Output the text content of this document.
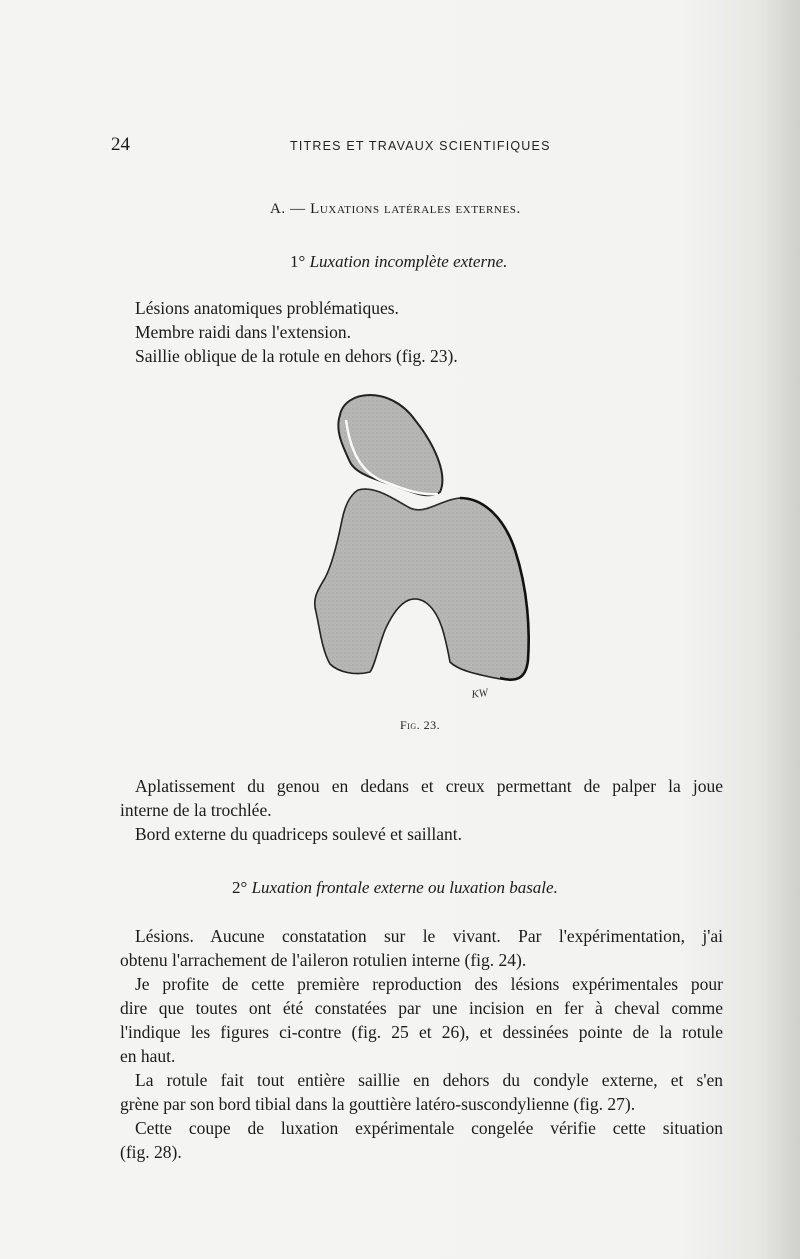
24	TITRES ET TRAVAUX SCIENTIFIQUES
A. — Luxations latérales externes.
1° Luxation incomplète externe.
Lésions anatomiques problématiques.
Membre raidi dans l'extension.
Saillie oblique de la rotule en dehors (fig. 23).
KW
Fig. 23.
Aplatissement du genou en dedans et creux permettant de palper la joue
interne de la trochlée.
Bord externe du quadriceps soulevé et saillant.
2° Luxation frontale externe ou luxation basale.
Lésions. Aucune constatation sur le vivant. Par l'expérimentation, j'ai
obtenu l'arrachement de l'aileron rotulien interne (fig. 24).
Je profite de cette première reproduction des lésions expérimentales pour
dire que toutes ont été constatées par une incision en fer à cheval comme
l'indique les figures ci-contre (fig. 25 et 26), et dessinées pointe de la rotule
en haut.
La rotule fait tout entière saillie en dehors du condyle externe, et s'en
grène par son bord tibial dans la gouttière latéro-suscondylienne (fig. 27).
Cette coupe de luxation expérimentale congelée vérifie cette situation
(fig. 28).
